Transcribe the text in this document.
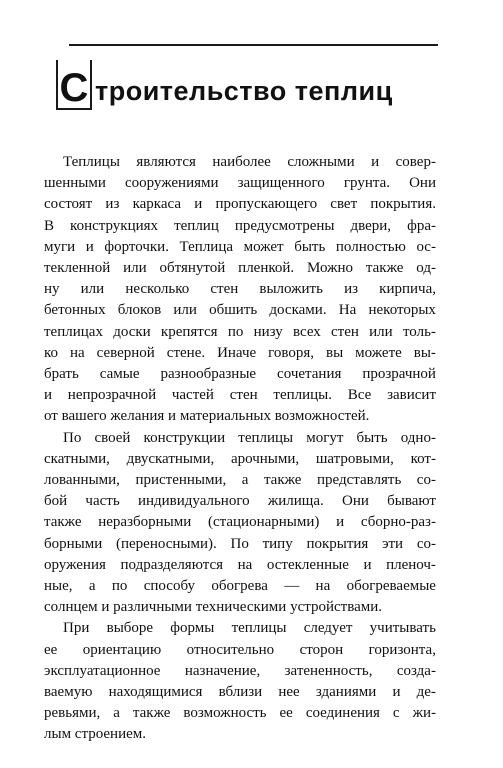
С троительство теплиц
Теплицы являются наиболее сложными и совер-
шенными сооружениями защищенного грунта. Они
состоят из каркаса и пропускающего свет покрытия.
В конструкциях теплиц предусмотрены двери, фра-
муги и форточки. Теплица может быть полностью ос-
текленной или обтянутой пленкой. Можно также од-
ну или несколько стен выложить из кирпича,
бетонных блоков или обшить досками. На некоторых
теплицах доски крепятся по низу всех стен или толь-
ко на северной стене. Иначе говоря, вы можете вы-
брать самые разнообразные сочетания прозрачной
и непрозрачной частей стен теплицы. Все зависит
от вашего желания и материальных возможностей.
По своей конструкции теплицы могут быть одно-
скатными, двускатными, арочными, шатровыми, кот-
лованными, пристенными, а также представлять со-
бой часть индивидуального жилища. Они бывают
также неразборными (стационарными) и сборно-раз-
борными (переносными). По типу покрытия эти со-
оружения подразделяются на остекленные и пленоч-
ные, а по способу обогрева — на обогреваемые
солнцем и различными техническими устройствами.
При выборе формы теплицы следует учитывать
ее ориентацию относительно сторон горизонта,
эксплуатационное назначение, затененность, созда-
ваемую находящимися вблизи нее зданиями и де-
ревьями, а также возможность ее соединения с жи-
лым строением.
